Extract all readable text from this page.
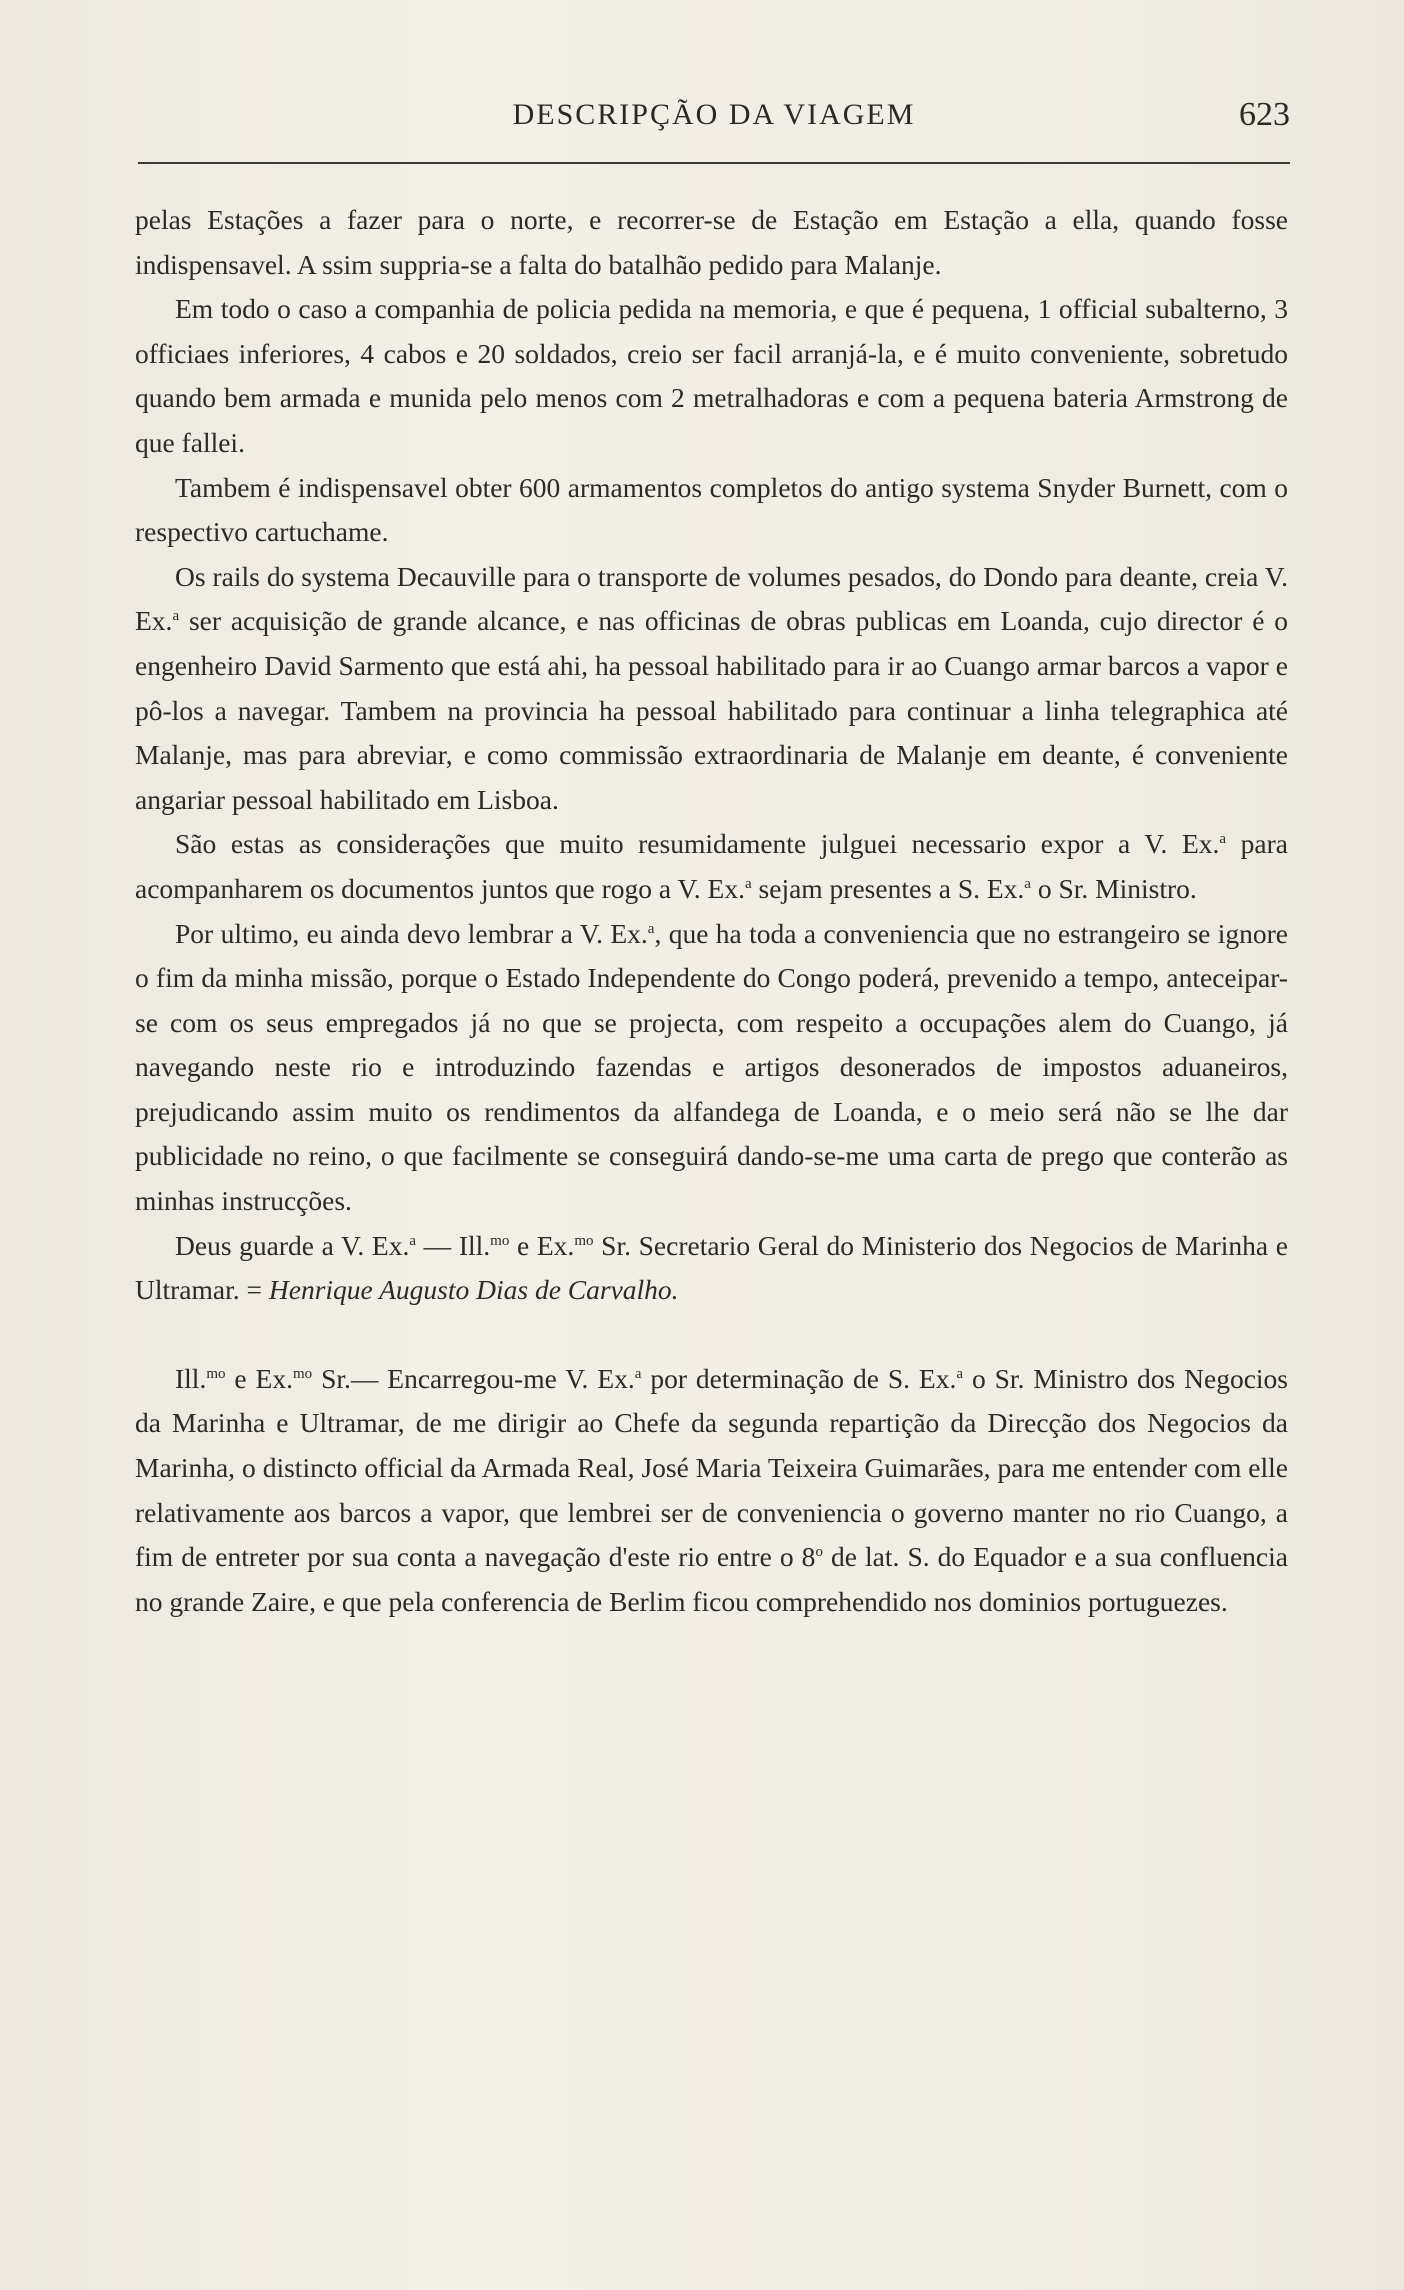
DESCRIPÇÃO DA VIAGEM	623

pelas Estações a fazer para o norte, e recorrer-se de Estação em Estação a ella, quando fosse indispensavel. A ssim suppria-se a falta do batalhão pedido para Malanje.

Em todo o caso a companhia de policia pedida na memoria, e que é pequena, 1 official subalterno, 3 officiaes inferiores, 4 cabos e 20 soldados, creio ser facil arranjá-la, e é muito conveniente, sobretudo quando bem armada e munida pelo menos com 2 metralhadoras e com a pequena bateria Armstrong de que fallei.

Tambem é indispensavel obter 600 armamentos completos do antigo systema Snyder Burnett, com o respectivo cartuchame.

Os rails do systema Decauville para o transporte de volumes pesados, do Dondo para deante, creia V. Ex.$^a$ ser acquisição de grande alcance, e nas officinas de obras publicas em Loanda, cujo director é o engenheiro David Sarmento que está ahi, ha pessoal habilitado para ir ao Cuango armar barcos a vapor e pô-los a navegar. Tambem na provincia ha pessoal habilitado para continuar a linha telegraphica até Malanje, mas para abreviar, e como commissão extraordinaria de Malanje em deante, é conveniente angariar pessoal habilitado em Lisboa.

São estas as considerações que muito resumidamente julguei necessario expor a V. Ex.$^a$ para acompanharem os documentos juntos que rogo a V. Ex.$^a$ sejam presentes a S. Ex.$^a$ o Sr. Ministro.

Por ultimo, eu ainda devo lembrar a V. Ex.$^a$, que ha toda a conveniencia que no estrangeiro se ignore o fim da minha missão, porque o Estado Independente do Congo poderá, prevenido a tempo, anteceipar-se com os seus empregados já no que se projecta, com respeito a occupações alem do Cuango, já navegando neste rio e introduzindo fazendas e artigos desonerados de impostos aduaneiros, prejudicando assim muito os rendimentos da alfandega de Loanda, e o meio será não se lhe dar publicidade no reino, o que facilmente se conseguirá dando-se-me uma carta de prego que conterão as minhas instrucções.

Deus guarde a V. Ex.$^a$ — Ill.$^{mo}$ e Ex.$^{mo}$ Sr. Secretario Geral do Ministerio dos Negocios de Marinha e Ultramar. = Henrique Augusto Dias de Carvalho.

Ill.$^{mo}$ e Ex.$^{mo}$ Sr.— Encarregou-me V. Ex.$^a$ por determinação de S. Ex.$^a$ o Sr. Ministro dos Negocios da Marinha e Ultramar, de me dirigir ao Chefe da segunda repartição da Direcção dos Negocios da Marinha, o distincto official da Armada Real, José Maria Teixeira Guimarães, para me entender com elle relativamente aos barcos a vapor, que lembrei ser de conveniencia o governo manter no rio Cuango, a fim de entreter por sua conta a navegação d'este rio entre o 8$^o$ de lat. S. do Equador e a sua confluencia no grande Zaire, e que pela conferencia de Berlim ficou comprehendido nos dominios portuguezes.
